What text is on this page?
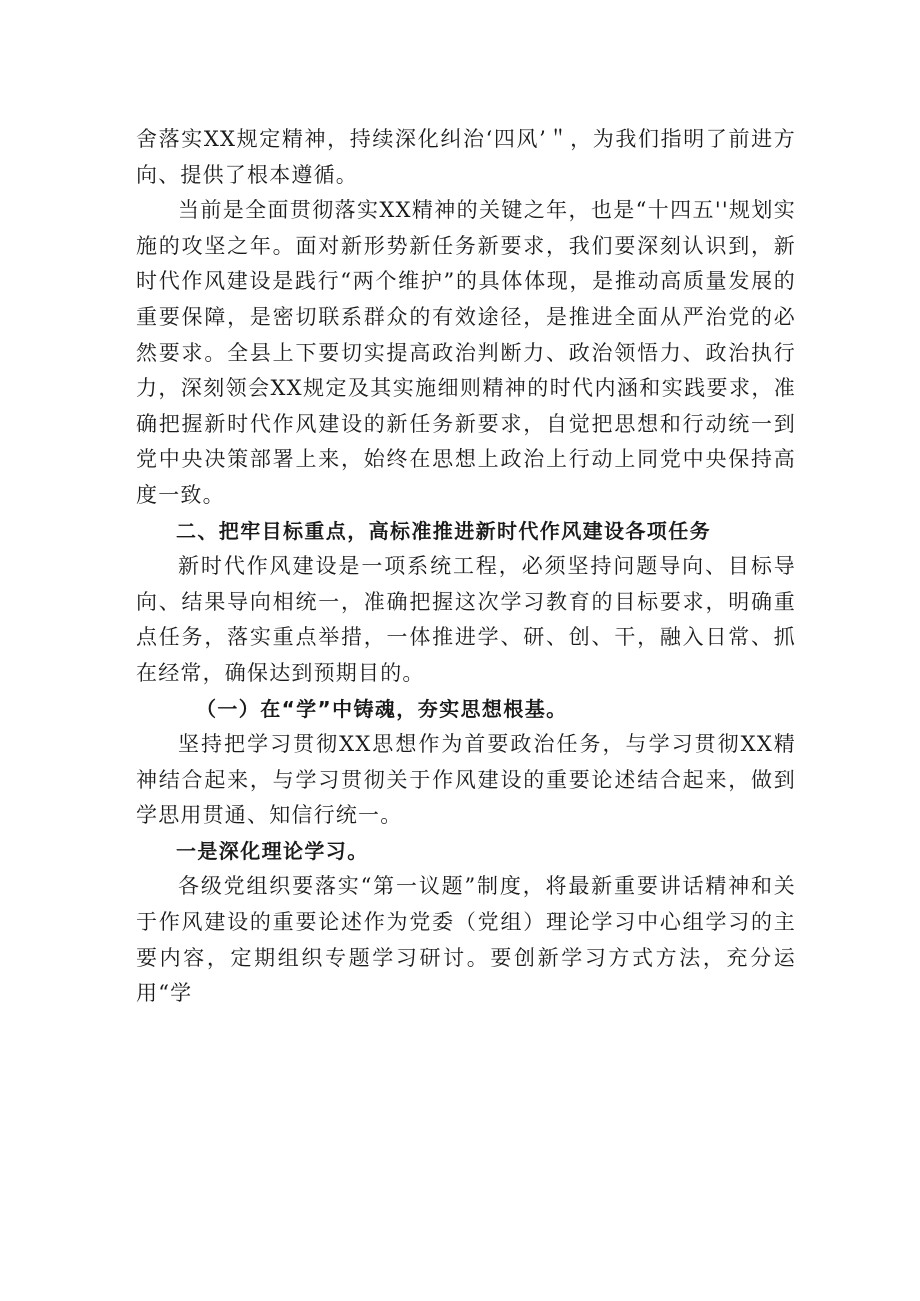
舍落实XX规定精神，持续深化纠治‘四风’＂，为我们指明了前进方向、提供了根本遵循。

当前是全面贯彻落实XX精神的关键之年，也是“十四五''规划实施的攻坚之年。面对新形势新任务新要求，我们要深刻认识到，新时代作风建设是践行“两个维护”的具体体现，是推动高质量发展的重要保障，是密切联系群众的有效途径，是推进全面从严治党的必然要求。全县上下要切实提高政治判断力、政治领悟力、政治执行力，深刻领会XX规定及其实施细则精神的时代内涵和实践要求，准确把握新时代作风建设的新任务新要求，自觉把思想和行动统一到党中央决策部署上来，始终在思想上政治上行动上同党中央保持高度一致。

二、把牢目标重点，高标准推进新时代作风建设各项任务

新时代作风建设是一项系统工程，必须坚持问题导向、目标导向、结果导向相统一，准确把握这次学习教育的目标要求，明确重点任务，落实重点举措，一体推进学、研、创、干，融入日常、抓在经常，确保达到预期目的。

（一）在“学”中铸魂，夯实思想根基。

坚持把学习贯彻XX思想作为首要政治任务，与学习贯彻XX精神结合起来，与学习贯彻关于作风建设的重要论述结合起来，做到学思用贯通、知信行统一。

一是深化理论学习。

各级党组织要落实“第一议题”制度，将最新重要讲话精神和关于作风建设的重要论述作为党委（党组）理论学习中心组学习的主要内容，定期组织专题学习研讨。要创新学习方式方法，充分运用“学
